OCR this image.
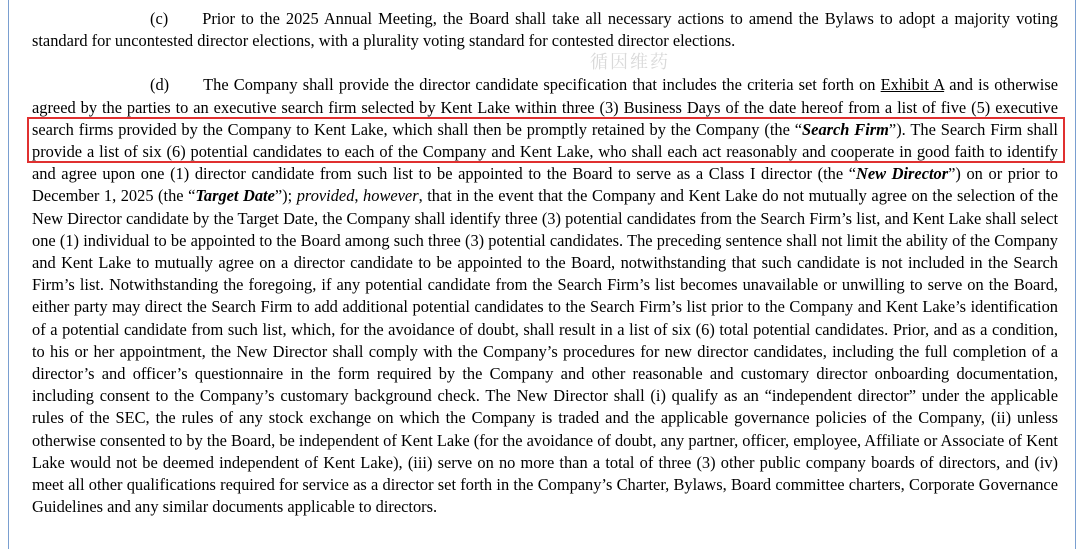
(c) Prior to the 2025 Annual Meeting, the Board shall take all necessary actions to amend the Bylaws to adopt a majority voting standard for uncontested director elections, with a plurality voting standard for contested director elections.

(d) The Company shall provide the director candidate specification that includes the criteria set forth on Exhibit A and is otherwise agreed by the parties to an executive search firm selected by Kent Lake within three (3) Business Days of the date hereof from a list of five (5) executive search firms provided by the Company to Kent Lake, which shall then be promptly retained by the Company (the “Search Firm”). The Search Firm shall provide a list of six (6) potential candidates to each of the Company and Kent Lake, who shall each act reasonably and cooperate in good faith to identify and agree upon one (1) director candidate from such list to be appointed to the Board to serve as a Class I director (the “New Director”) on or prior to December 1, 2025 (the “Target Date”); provided, however, that in the event that the Company and Kent Lake do not mutually agree on the selection of the New Director candidate by the Target Date, the Company shall identify three (3) potential candidates from the Search Firm’s list, and Kent Lake shall select one (1) individual to be appointed to the Board among such three (3) potential candidates. The preceding sentence shall not limit the ability of the Company and Kent Lake to mutually agree on a director candidate to be appointed to the Board, notwithstanding that such candidate is not included in the Search Firm’s list. Notwithstanding the foregoing, if any potential candidate from the Search Firm’s list becomes unavailable or unwilling to serve on the Board, either party may direct the Search Firm to add additional potential candidates to the Search Firm’s list prior to the Company and Kent Lake’s identification of a potential candidate from such list, which, for the avoidance of doubt, shall result in a list of six (6) total potential candidates. Prior, and as a condition, to his or her appointment, the New Director shall comply with the Company’s procedures for new director candidates, including the full completion of a director’s and officer’s questionnaire in the form required by the Company and other reasonable and customary director onboarding documentation, including consent to the Company’s customary background check. The New Director shall (i) qualify as an “independent director” under the applicable rules of the SEC, the rules of any stock exchange on which the Company is traded and the applicable governance policies of the Company, (ii) unless otherwise consented to by the Board, be independent of Kent Lake (for the avoidance of doubt, any partner, officer, employee, Affiliate or Associate of Kent Lake would not be deemed independent of Kent Lake), (iii) serve on no more than a total of three (3) other public company boards of directors, and (iv) meet all other qualifications required for service as a director set forth in the Company’s Charter, Bylaws, Board committee charters, Corporate Governance Guidelines and any similar documents applicable to directors.

循因维药
